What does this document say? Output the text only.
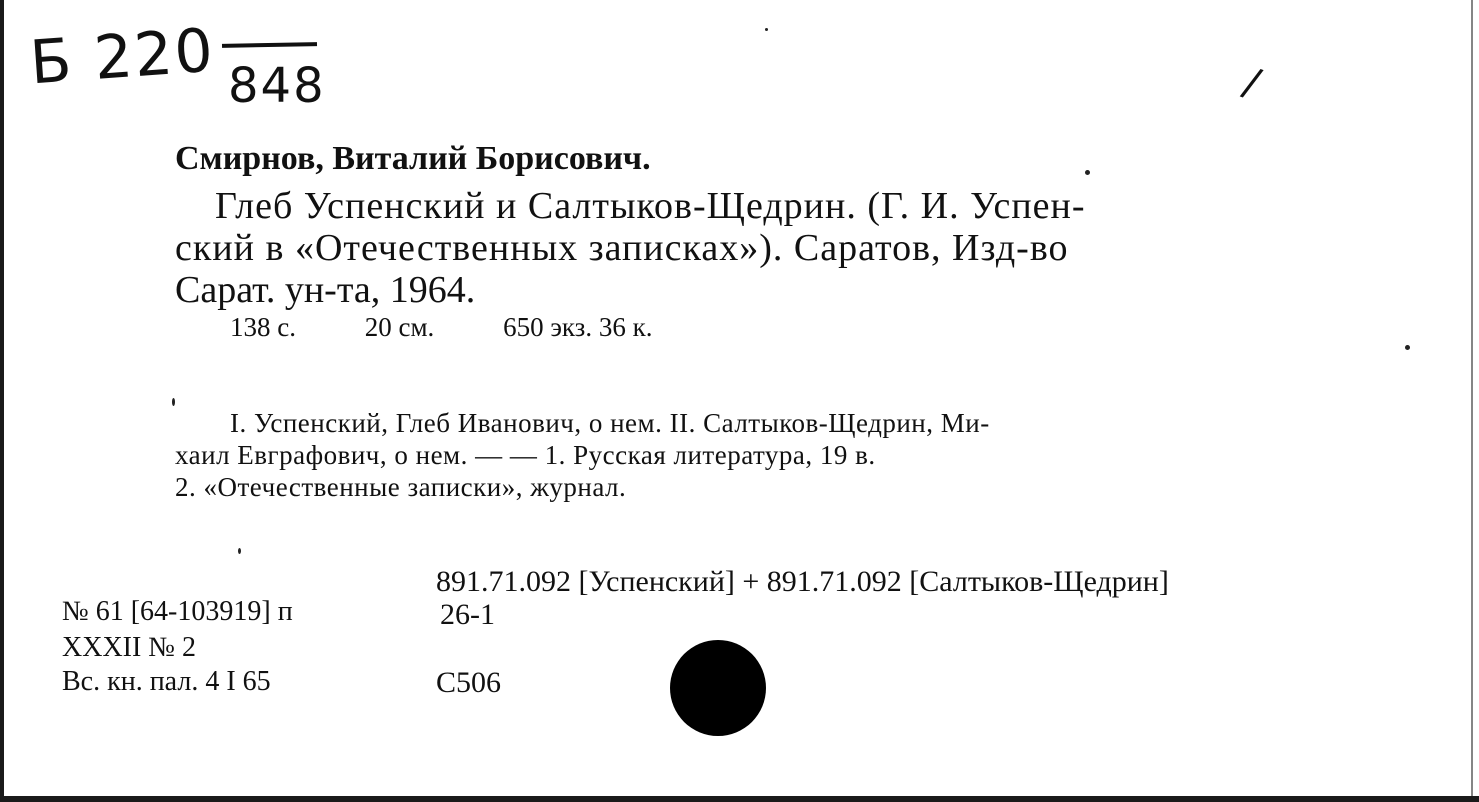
Б 220 848	/
Смирнов, Виталий Борисович.
Глеб Успенский и Салтыков-Щедрин. (Г. И. Успен-
ский в «Отечественных записках»). Саратов, Изд-во
Сарат. ун-та, 1964.
138 с.	20 см.	650 экз. 36 к.
I. Успенский, Глеб Иванович, о нем. II. Салтыков-Щедрин, Ми-
хаил Евграфович, о нем. — — 1. Русская литература, 19 в.
2. «Отечественные записки», журнал.
891.71.092 [Успенский] + 891.71.092 [Салтыков-Щедрин]
№ 61 [64-103919] п	26-1
XXXII № 2
Вс. кн. пал. 4 I 65	С506
